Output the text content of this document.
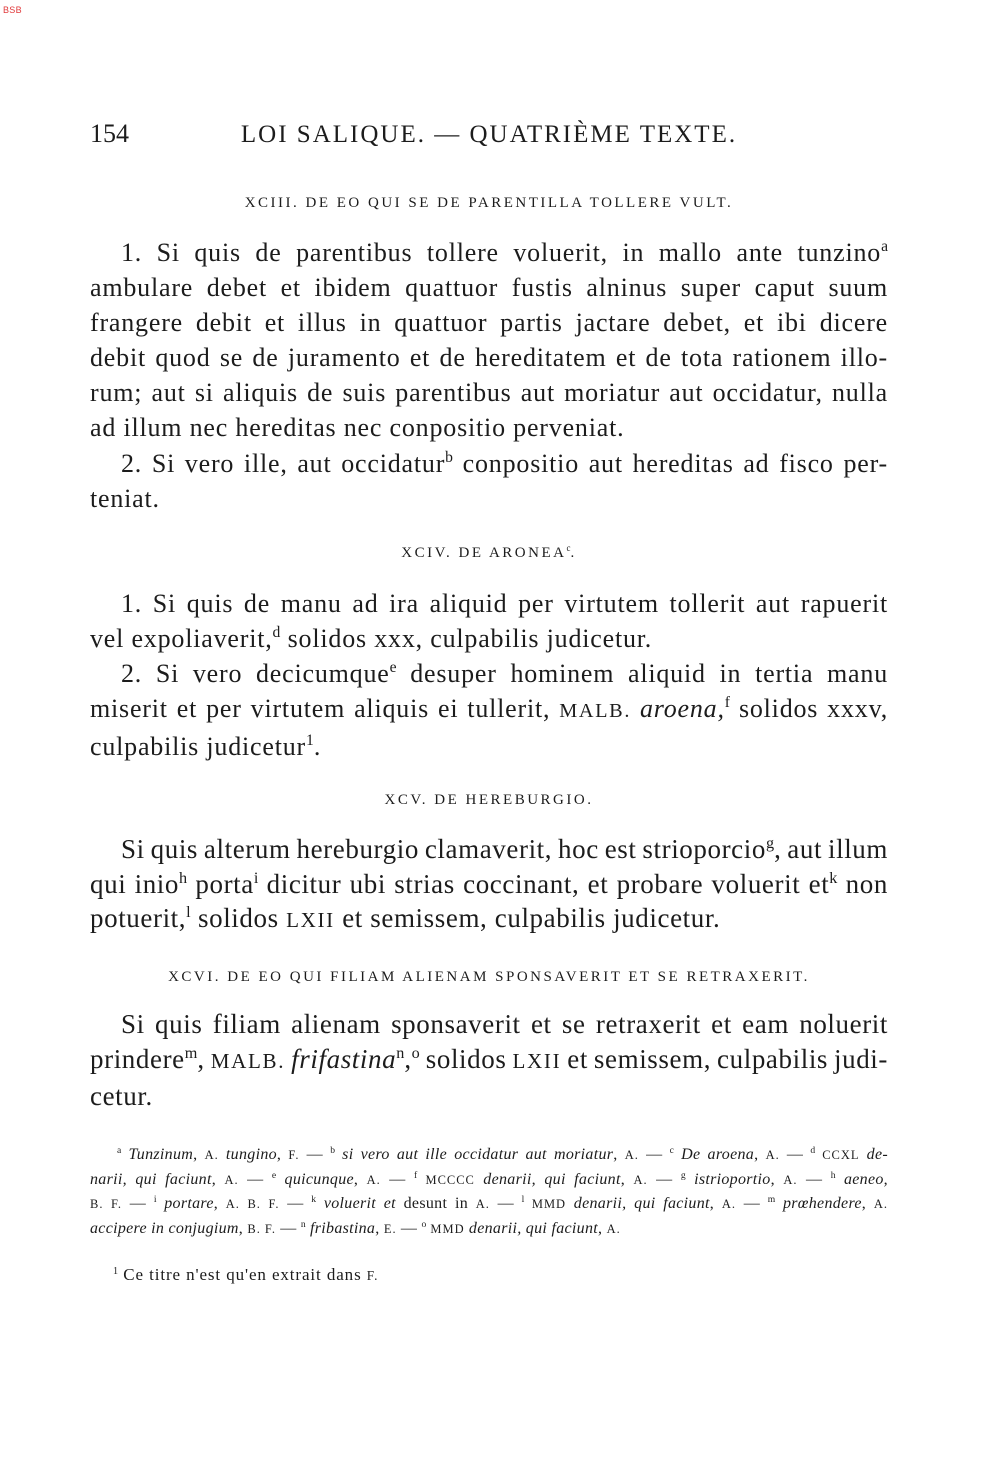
BSB
154	LOI SALIQUE. — QUATRIÈME TEXTE.
XCIII. DE EO QUI SE DE PARENTILLA TOLLERE VULT.
1. Si quis de parentibus tollere voluerit, in mallo ante tunzino$^a$
ambulare debet et ibidem quattuor fustis alninus super caput suum
frangere debit et illus in quattuor partis jactare debet, et ibi dicere
debit quod se de juramento et de hereditatem et de tota rationem illo-
rum; aut si aliquis de suis parentibus aut moriatur aut occidatur, nulla
ad illum nec hereditas nec conpositio perveniat.
2. Si vero ille, aut occidatur$^b$ conpositio aut hereditas ad fisco per-
teniat.
XCIV. DE ARONEA$^c$.
1. Si quis de manu ad ira aliquid per virtutem tollerit aut rapuerit
vel expoliaverit,$^d$ solidos xxx, culpabilis judicetur.
2. Si vero decicumque$^e$ desuper hominem aliquid in tertia manu
miserit et per virtutem aliquis ei tullerit, MALB. aroena,$^f$ solidos xxxv,
culpabilis judicetur$^1$.
XCV. DE HEREBURGIO.
Si quis alterum hereburgio clamaverit, hoc est strioporcio$^g$, aut illum
qui inio$^h$ porta$^i$ dicitur ubi strias coccinant, et probare voluerit $et^k$ non
potuerit,$^l$ solidos LXII et semissem, culpabilis judicetur.
XCVI. DE EO QUI FILIAM ALIENAM SPONSAVERIT ET SE RETRAXERIT.
Si quis filiam alienam sponsaverit et se retraxerit et eam noluerit
prindere$^m$, MALB. frifastina$^n$,$^o$ solidos LXII et semissem, culpabilis judi-
cetur.
$^a$ Tunzinum, A. tungino, F. — $^b$ si vero aut ille occidatur aut moriatur, A. — $^c$ De aroena, A. — $^d$ CCXL de-
narii, qui faciunt, A. — $^e$ quicunque, A. — $^f$ MCCCC denarii, qui faciunt, A. — $^g$ istrioportio, A. — $^h$ aeneo,
B. F. — $^i$ portare, A. B. F. — $^k$ voluerit et desunt in A. — $^l$ MMD denarii, qui faciunt, A. — $^m$ prœhendere, A.
accipere in conjugium, B. F. — $^n$ fribastina, E. — $^o$ MMD denarii, qui faciunt, A.
$^1$ Ce titre n'est qu'en extrait dans F.
